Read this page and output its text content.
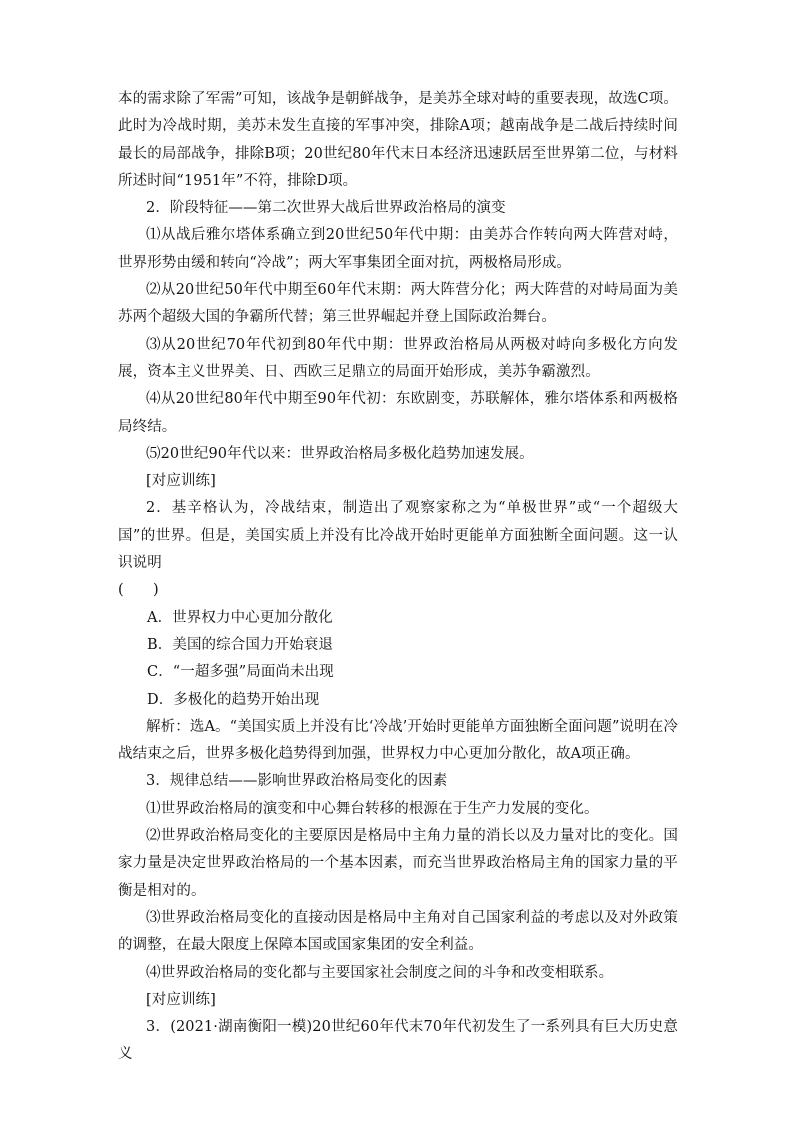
本的需求除了军需”可知，该战争是朝鲜战争，是美苏全球对峙的重要表现，故选C项。此时为冷战时期，美苏未发生直接的军事冲突，排除A项；越南战争是二战后持续时间最长的局部战争，排除B项；20世纪80年代末日本经济迅速跃居至世界第二位，与材料所述时间“1951年”不符，排除D项。

2．阶段特征——第二次世界大战后世界政治格局的演变

⑴从战后雅尔塔体系确立到20世纪50年代中期：由美苏合作转向两大阵营对峙，世界形势由缓和转向“冷战”；两大军事集团全面对抗，两极格局形成。

⑵从20世纪50年代中期至60年代末期：两大阵营分化；两大阵营的对峙局面为美苏两个超级大国的争霸所代替；第三世界崛起并登上国际政治舞台。

⑶从20世纪70年代初到80年代中期：世界政治格局从两极对峙向多极化方向发展，资本主义世界美、日、西欧三足鼎立的局面开始形成，美苏争霸激烈。

⑷从20世纪80年代中期至90年代初：东欧剧变，苏联解体，雅尔塔体系和两极格局终结。

⑸20世纪90年代以来：世界政治格局多极化趋势加速发展。

[对应训练]

2．基辛格认为，冷战结束，制造出了观察家称之为“单极世界”或“一个超级大国”的世界。但是，美国实质上并没有比冷战开始时更能单方面独断全面问题。这一认识说明

(　　)

A．世界权力中心更加分散化

B．美国的综合国力开始衰退

C．“一超多强”局面尚未出现

D．多极化的趋势开始出现

解析：选A。“美国实质上并没有比‘冷战’开始时更能单方面独断全面问题”说明在冷战结束之后，世界多极化趋势得到加强，世界权力中心更加分散化，故A项正确。

3．规律总结——影响世界政治格局变化的因素

⑴世界政治格局的演变和中心舞台转移的根源在于生产力发展的变化。

⑵世界政治格局变化的主要原因是格局中主角力量的消长以及力量对比的变化。国家力量是决定世界政治格局的一个基本因素，而充当世界政治格局主角的国家力量的平衡是相对的。

⑶世界政治格局变化的直接动因是格局中主角对自己国家利益的考虑以及对外政策的调整，在最大限度上保障本国或国家集团的安全利益。

⑷世界政治格局的变化都与主要国家社会制度之间的斗争和改变相联系。

[对应训练]

3．(2021·湖南衡阳一模)20世纪60年代末70年代初发生了一系列具有巨大历史意义
